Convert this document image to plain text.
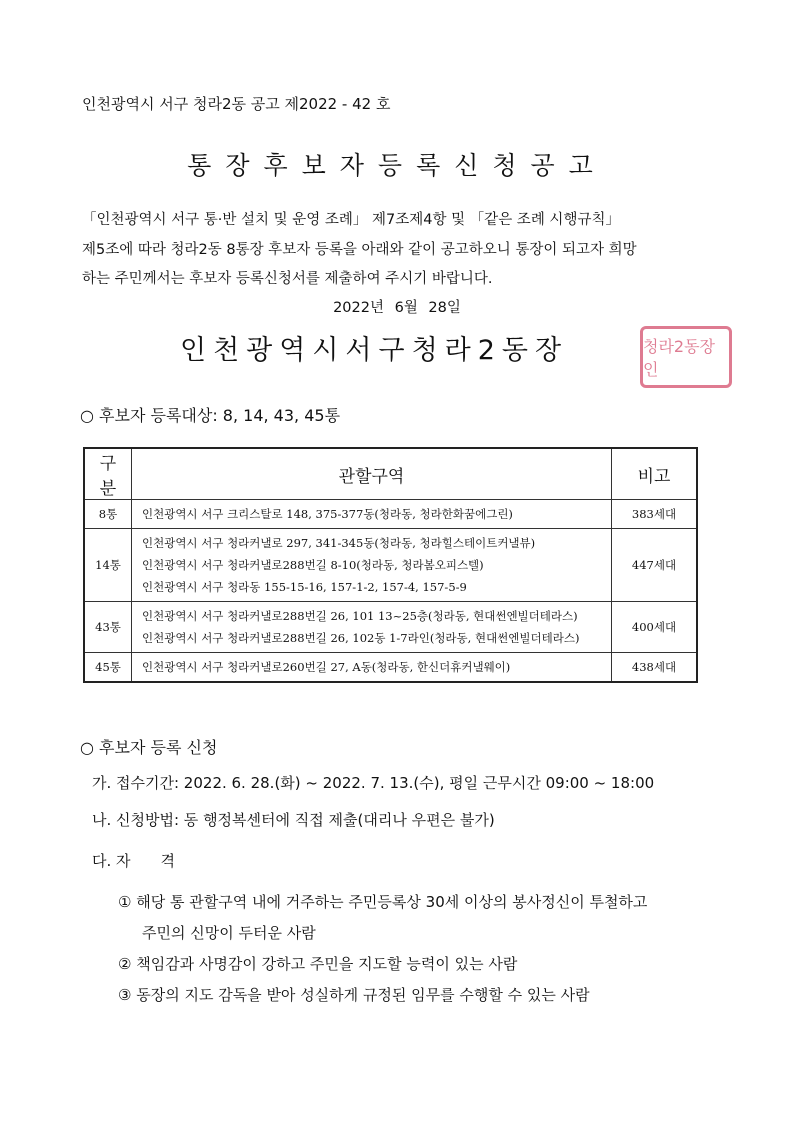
인천광역시 서구 청라2동 공고 제2022 - 42 호
통장후보자등록신청공고
「인천광역시 서구 통·반 설치 및 운영 조례」 제7조제4항 및 「같은 조례 시행규칙」
제5조에 따라 청라2동 8통장 후보자 등록을 아래와 같이 공고하오니 통장이 되고자 희망
하는 주민께서는 후보자 등록신청서를 제출하여 주시기 바랍니다.
2022년 6월 28일
인천광역시서구청라2동장	청라2동장인
○ 후보자 등록대상: 8, 14, 43, 45통
구분	관할구역	비고
8통	인천광역시 서구 크리스탈로 148, 375-377동(청라동, 청라한화꿈에그린)	383세대
14통	인천광역시 서구 청라커낼로 297, 341-345동(청라동, 청라힐스테이트커낼뷰)
인천광역시 서구 청라커낼로288번길 8-10(청라동, 청라봄오피스텔)
인천광역시 서구 청라동 155-15-16, 157-1-2, 157-4, 157-5-9	447세대
43통	인천광역시 서구 청라커낼로288번길 26, 101 13~25층(청라동, 현대썬엔빌더테라스)
인천광역시 서구 청라커낼로288번길 26, 102동 1-7라인(청라동, 현대썬엔빌더테라스)	400세대
45통	인천광역시 서구 청라커낼로260번길 27, A동(청라동, 한신더휴커낼웨이)	438세대
○ 후보자 등록 신청
가. 접수기간: 2022. 6. 28.(화) ~ 2022. 7. 13.(수), 평일 근무시간 09:00 ~ 18:00
나. 신청방법: 동 행정복센터에 직접 제출(대리나 우편은 불가)
다. 자　　격
① 해당 통 관할구역 내에 거주하는 주민등록상 30세 이상의 봉사정신이 투철하고
주민의 신망이 두터운 사람
② 책임감과 사명감이 강하고 주민을 지도할 능력이 있는 사람
③ 동장의 지도 감독을 받아 성실하게 규정된 임무를 수행할 수 있는 사람
